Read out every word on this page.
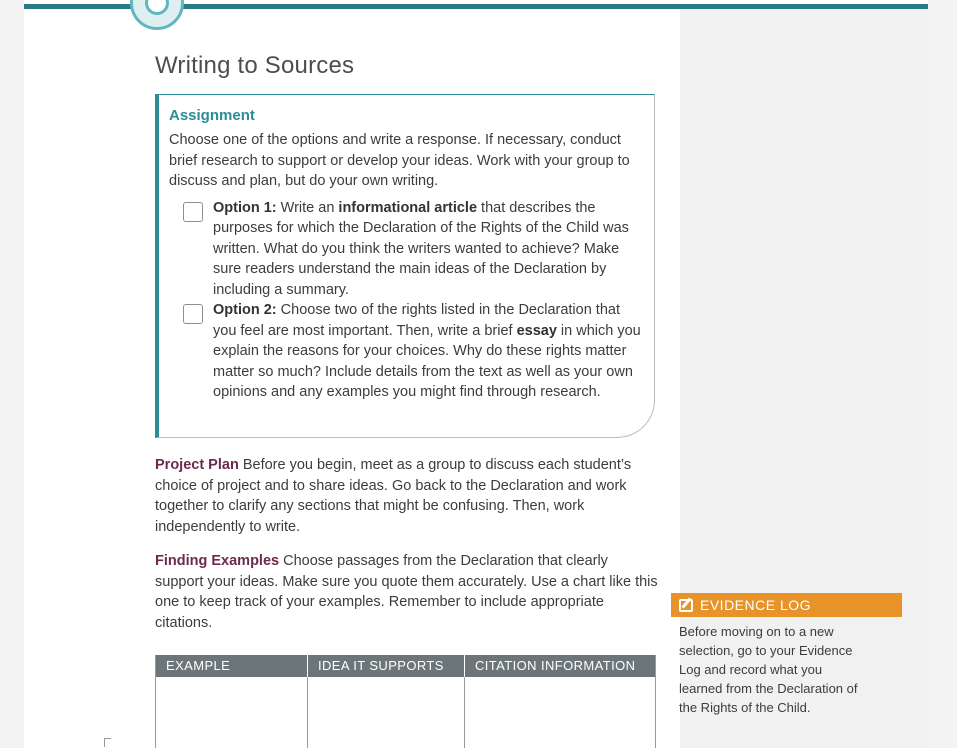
Writing to Sources
Assignment

Choose one of the options and write a response. If necessary, conduct brief research to support or develop your ideas. Work with your group to discuss and plan, but do your own writing.

Option 1: Write an informational article that describes the purposes for which the Declaration of the Rights of the Child was written. What do you think the writers wanted to achieve? Make sure readers understand the main ideas of the Declaration by including a summary.
Option 2: Choose two of the rights listed in the Declaration that you feel are most important. Then, write a brief essay in which you explain the reasons for your choices. Why do these rights matter matter so much? Include details from the text as well as your own opinions and any examples you might find through research.

Project Plan Before you begin, meet as a group to discuss each student’s choice of project and to share ideas. Go back to the Declaration and work together to clarify any sections that might be confusing. Then, work independently to write.

Finding Examples Choose passages from the Declaration that clearly support your ideas. Make sure you quote them accurately. Use a chart like this one to keep track of your examples. Remember to include appropriate citations.

EXAMPLE	IDEA IT SUPPORTS	CITATION INFORMATION
EVIDENCE LOG

Before moving on to a new selection, go to your Evidence Log and record what you learned from the Declaration of the Rights of the Child.
